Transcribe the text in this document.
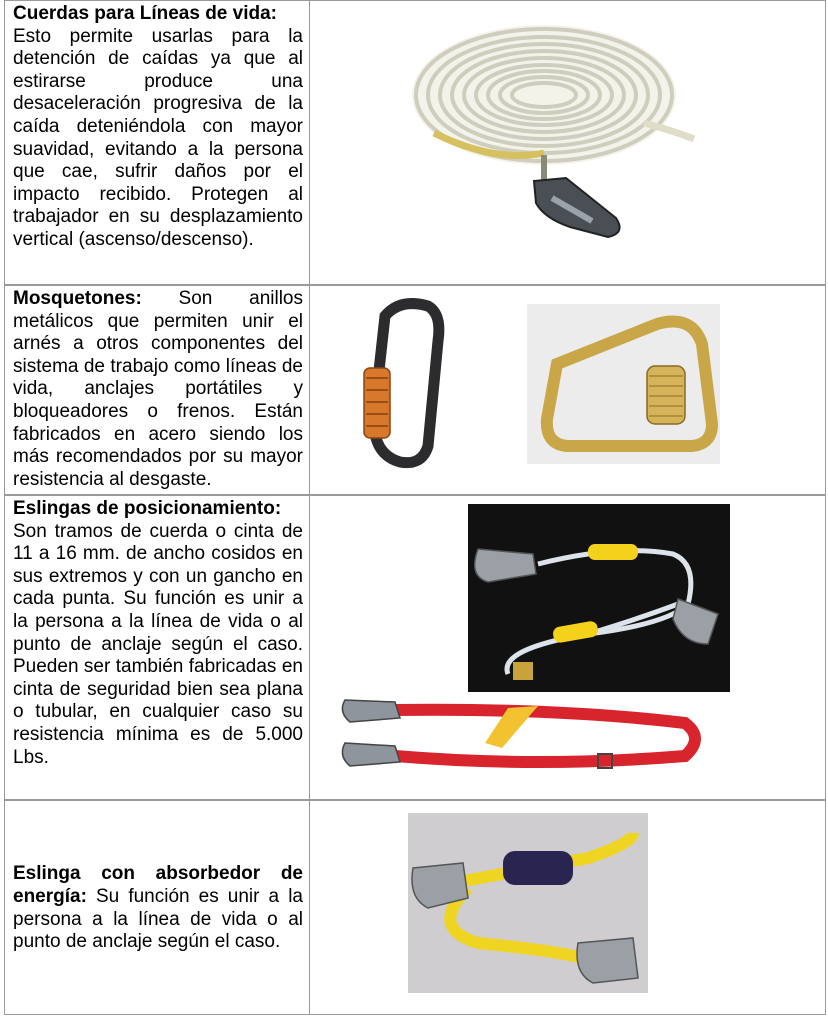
Cuerdas para Líneas de vida:
Esto permite usarlas para la detención de caídas ya que al estirarse produce una desaceleración progresiva de la caída deteniéndola con mayor suavidad, evitando a la persona que cae, sufrir daños por el impacto recibido. Protegen al trabajador en su desplazamiento vertical (ascenso/descenso).
Mosquetones: Son anillos metálicos que permiten unir el arnés a otros componentes del sistema de trabajo como líneas de vida, anclajes portátiles y bloqueadores o frenos. Están fabricados en acero siendo los más recomendados por su mayor resistencia al desgaste.
Eslingas de posicionamiento:
Son tramos de cuerda o cinta de 11 a 16 mm. de ancho cosidos en sus extremos y con un gancho en cada punta. Su función es unir a la persona a la línea de vida o al punto de anclaje según el caso. Pueden ser también fabricadas en cinta de seguridad bien sea plana o tubular, en cualquier caso su resistencia mínima es de 5.000 Lbs.
Eslinga con absorbedor de energía: Su función es unir a la persona a la línea de vida o al punto de anclaje según el caso.
